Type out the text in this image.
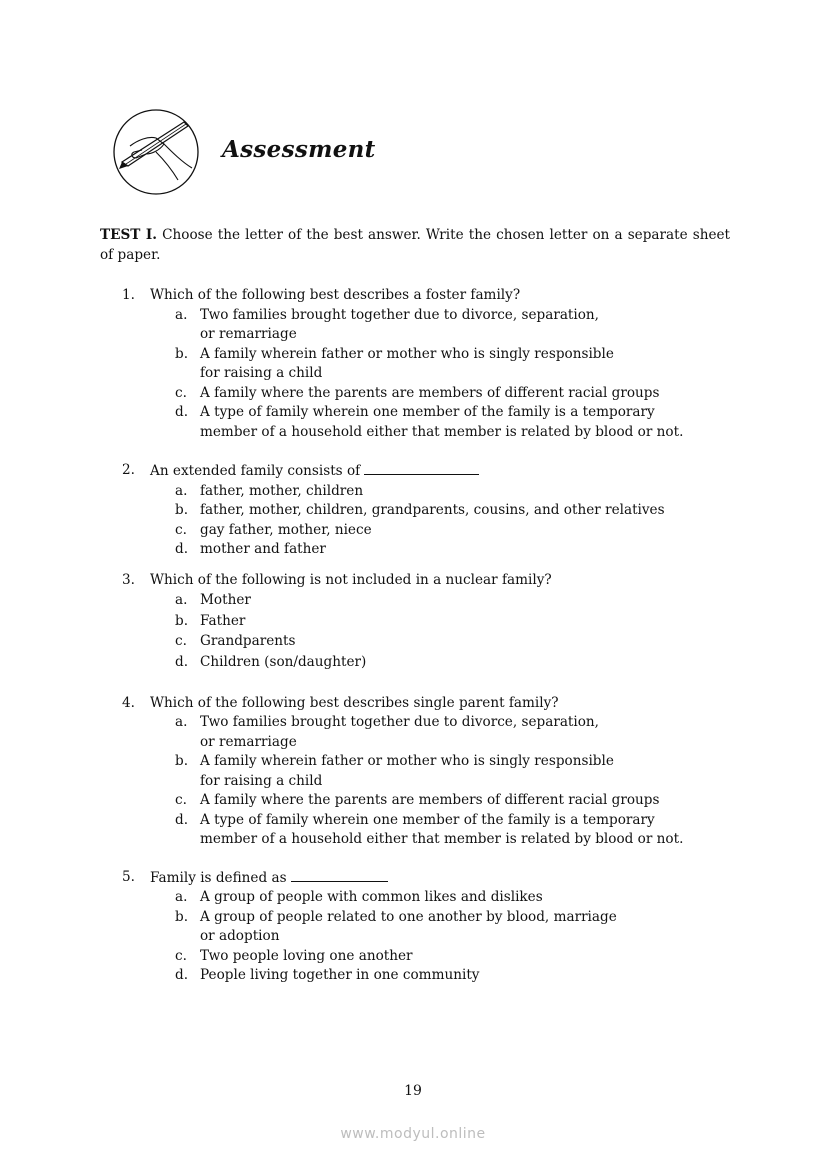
Assessment
TEST I. Choose the letter of the best answer. Write the chosen letter on a separate sheet of paper.
1.	Which of the following best describes a foster family?
a. Two families brought together due to divorce, separation,
or remarriage
b. A family wherein father or mother who is singly responsible
for raising a child
c. A family where the parents are members of different racial groups
d. A type of family wherein one member of the family is a temporary
member of a household either that member is related by blood or not.
2.	An extended family consists of
a. father, mother, children
b. father, mother, children, grandparents, cousins, and other relatives
c. gay father, mother, niece
d. mother and father
3.	Which of the following is not included in a nuclear family?
a. Mother
b. Father
c. Grandparents
d. Children (son/daughter)
4.	Which of the following best describes single parent family?
a. Two families brought together due to divorce, separation,
or remarriage
b. A family wherein father or mother who is singly responsible
for raising a child
c. A family where the parents are members of different racial groups
d. A type of family wherein one member of the family is a temporary
member of a household either that member is related by blood or not.
5.	Family is defined as
a. A group of people with common likes and dislikes
b. A group of people related to one another by blood, marriage
or adoption
c. Two people loving one another
d. People living together in one community
19
www.modyul.online
